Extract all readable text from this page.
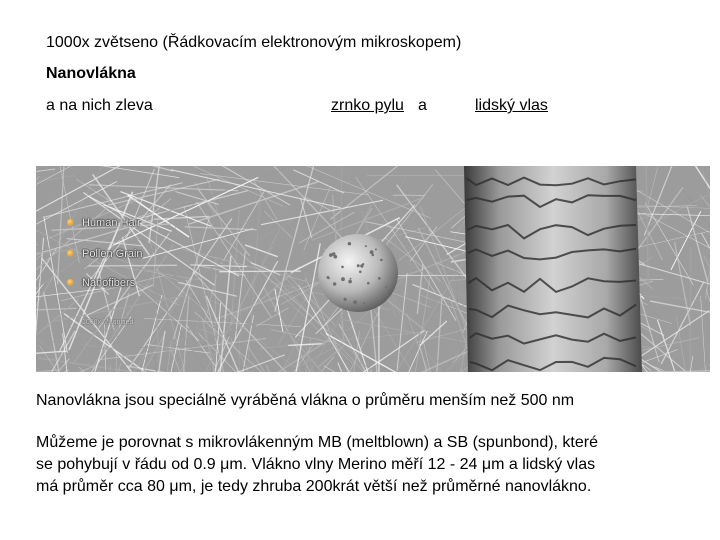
1000x zvětseno (Řádkovacím elektronovým mikroskopem)
Nanovlákna
a na nich zleva	zrnko pylu a	lidský vlas
Human Hair
Pollen Grain
Nanofibers
1000x Magnified
Nanovlákna jsou speciálně vyráběná vlákna o průměru menším než 500 nm
Můžeme je porovnat s mikrovlákenným MB (meltblown) a SB (spunbond), které
se pohybují v řádu od 0.9 μm. Vlákno vlny Merino měří 12 - 24 μm a lidský vlas
má průměr cca 80 μm, je tedy zhruba 200krát větší než průměrné nanovlákno.
